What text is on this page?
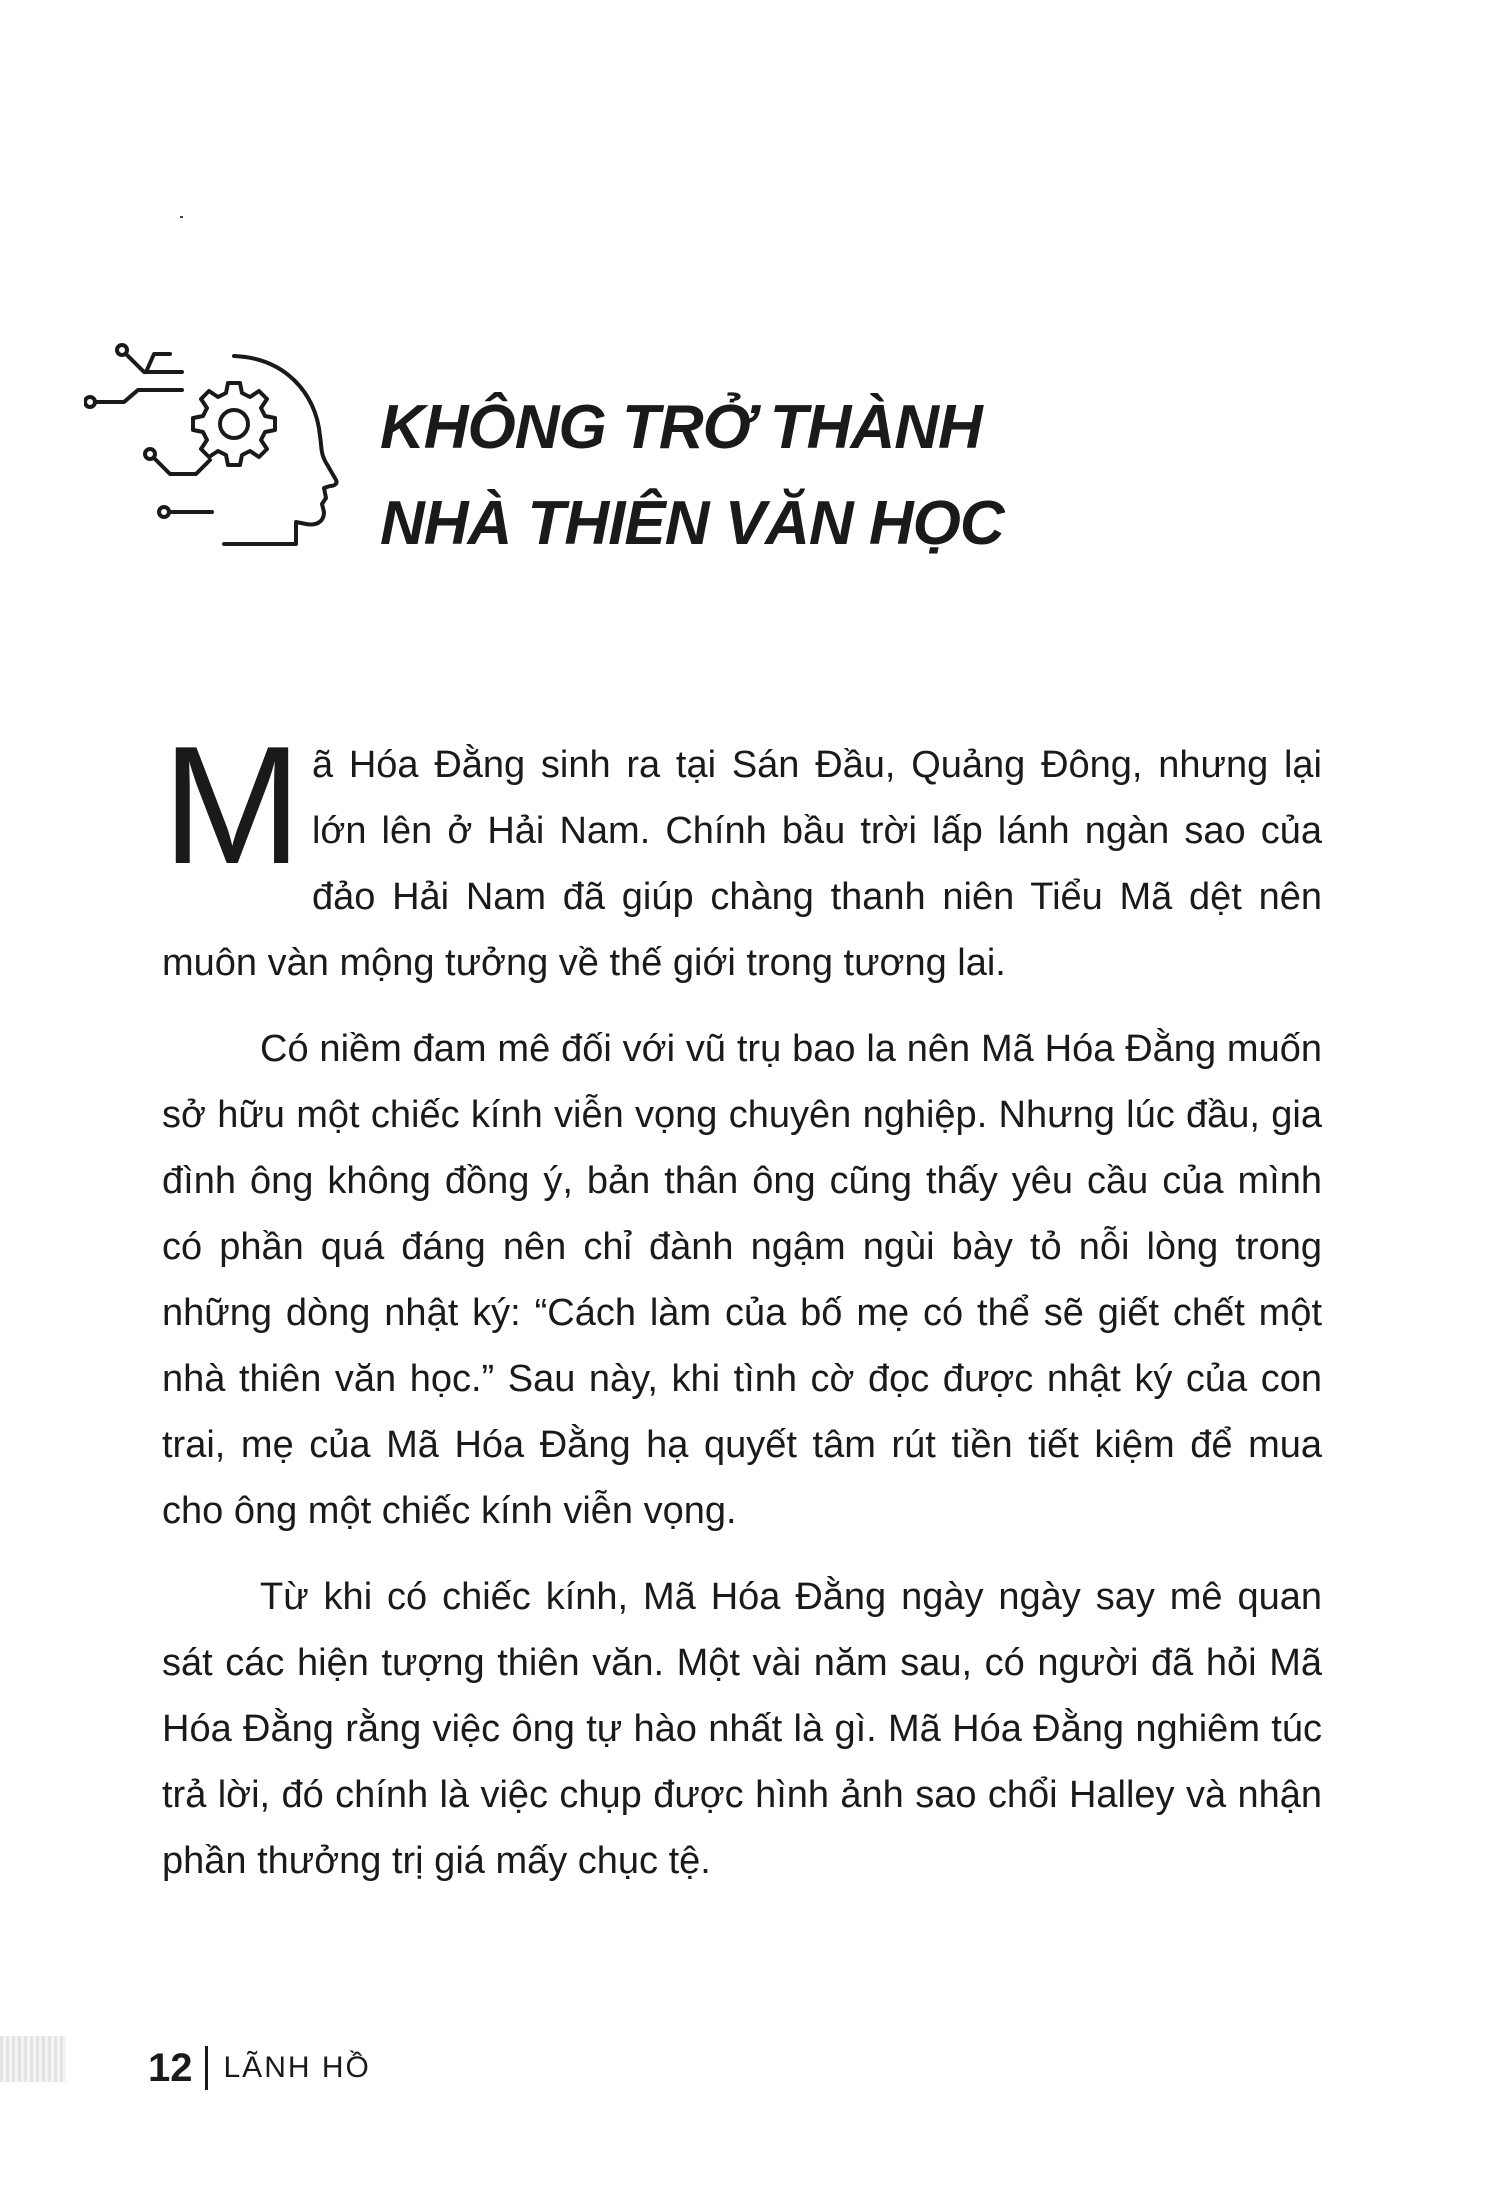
KHÔNG TRỞ THÀNH
NHÀ THIÊN VĂN HỌC

Mã Hóa Đằng sinh ra tại Sán Đầu, Quảng Đông, nhưng lại lớn lên ở Hải Nam. Chính bầu trời lấp lánh ngàn sao của đảo Hải Nam đã giúp chàng thanh niên Tiểu Mã dệt nên muôn vàn mộng tưởng về thế giới trong tương lai.

Có niềm đam mê đối với vũ trụ bao la nên Mã Hóa Đằng muốn sở hữu một chiếc kính viễn vọng chuyên nghiệp. Nhưng lúc đầu, gia đình ông không đồng ý, bản thân ông cũng thấy yêu cầu của mình có phần quá đáng nên chỉ đành ngậm ngùi bày tỏ nỗi lòng trong những dòng nhật ký: “Cách làm của bố mẹ có thể sẽ giết chết một nhà thiên văn học.” Sau này, khi tình cờ đọc được nhật ký của con trai, mẹ của Mã Hóa Đằng hạ quyết tâm rút tiền tiết kiệm để mua cho ông một chiếc kính viễn vọng.

Từ khi có chiếc kính, Mã Hóa Đằng ngày ngày say mê quan sát các hiện tượng thiên văn. Một vài năm sau, có người đã hỏi Mã Hóa Đằng rằng việc ông tự hào nhất là gì. Mã Hóa Đằng nghiêm túc trả lời, đó chính là việc chụp được hình ảnh sao chổi Halley và nhận phần thưởng trị giá mấy chục tệ.

12 LÃNH HỒ
